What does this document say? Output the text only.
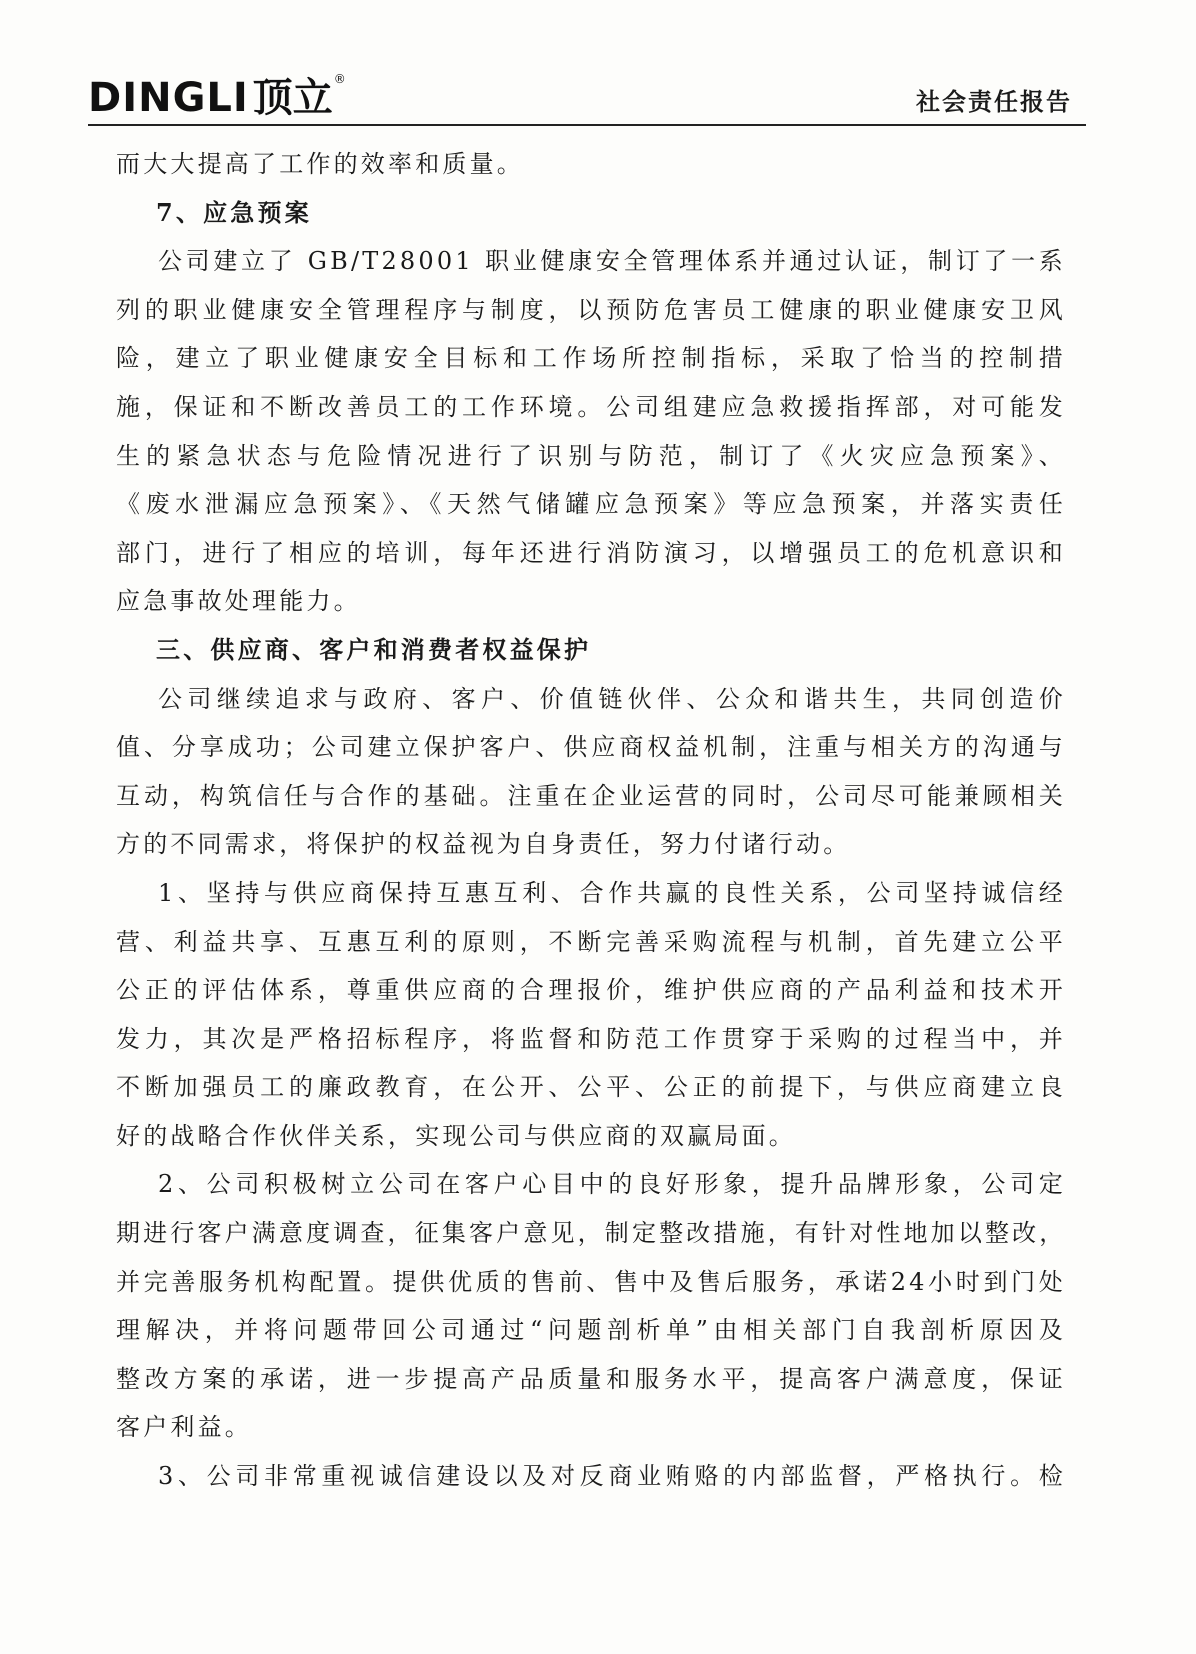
DINGLI 顶立 ®
社会责任报告
而大大提高了工作的效率和质量。
7、应急预案
公司建立了 GB/T28001 职业健康安全管理体系并通过认证，制订了一系
列的职业健康安全管理程序与制度，以预防危害员工健康的职业健康安卫风
险，建立了职业健康安全目标和工作场所控制指标，采取了恰当的控制措
施，保证和不断改善员工的工作环境。公司组建应急救援指挥部，对可能发
生的紧急状态与危险情况进行了识别与防范，制订了《火灾应急预案》、
《废水泄漏应急预案》、《天然气储罐应急预案》等应急预案，并落实责任
部门，进行了相应的培训，每年还进行消防演习，以增强员工的危机意识和
应急事故处理能力。
三、供应商、客户和消费者权益保护
公司继续追求与政府、客户、价值链伙伴、公众和谐共生，共同创造价
值、分享成功；公司建立保护客户、供应商权益机制，注重与相关方的沟通与
互动，构筑信任与合作的基础。注重在企业运营的同时，公司尽可能兼顾相关
方的不同需求，将保护的权益视为自身责任，努力付诸行动。
1、坚持与供应商保持互惠互利、合作共赢的良性关系，公司坚持诚信经
营、利益共享、互惠互利的原则，不断完善采购流程与机制，首先建立公平
公正的评估体系，尊重供应商的合理报价，维护供应商的产品利益和技术开
发力，其次是严格招标程序，将监督和防范工作贯穿于采购的过程当中，并
不断加强员工的廉政教育，在公开、公平、公正的前提下，与供应商建立良
好的战略合作伙伴关系，实现公司与供应商的双赢局面。
2、公司积极树立公司在客户心目中的良好形象，提升品牌形象，公司定
期进行客户满意度调查，征集客户意见，制定整改措施，有针对性地加以整改，
并完善服务机构配置。提供优质的售前、售中及售后服务，承诺24小时到门处
理解决，并将问题带回公司通过“问题剖析单”由相关部门自我剖析原因及
整改方案的承诺，进一步提高产品质量和服务水平，提高客户满意度，保证
客户利益。
3、公司非常重视诚信建设以及对反商业贿赂的内部监督，严格执行。检
